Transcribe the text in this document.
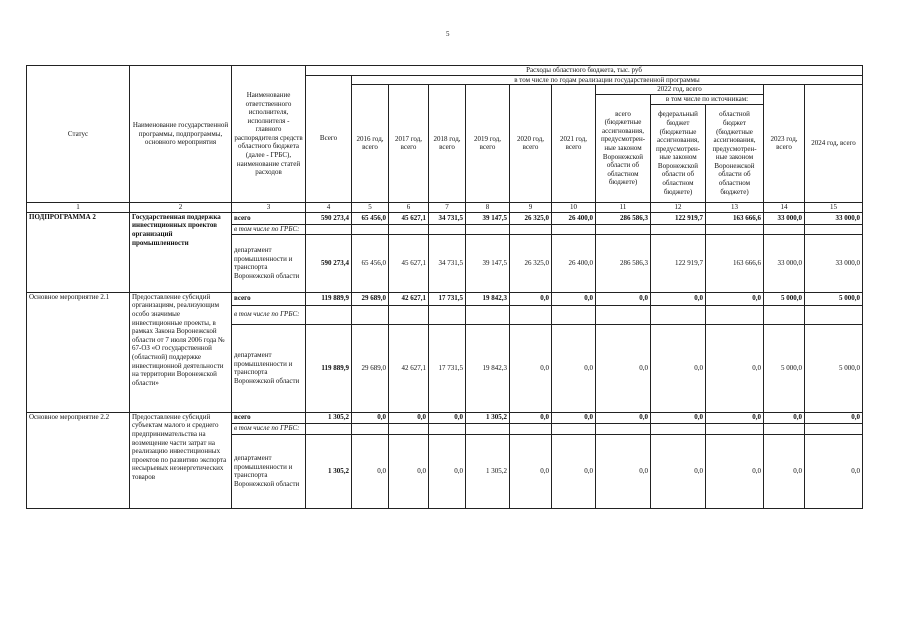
5
Статус	Наименование государственной программы, подпрограммы, основного мероприятия	Наименование ответственного исполнителя, исполнителя - главного распорядителя средств областного бюджета (далее - ГРБС), наименование статей расходов	Расходы областного бюджета, тыс. руб											
			Всего	в том числе по годам реализации государственной программы										
				2016 год, всего	2017 год, всего	2018 год, всего	2019 год, всего	2020 год, всего	2021 год, всего	2022 год, всего			2023 год, всего	2024 год, всего
										всего (бюджетные ассигнования, предусмотрен-ные законом Воронежской области об областном бюджете)	в том числе по источникам:			
											федеральный бюджет (бюджетные ассигнования, предусмотрен-ные законом Воронежской области об областном бюджете)	областной бюджет (бюджетные ассигнования, предусмотрен-ные законом Воронежской области об областном бюджете)		
1	2	3	4	5	6	7	8	9	10	11	12	13	14	15
ПОДПРОГРАММА 2	Государственная поддержка инвестиционных проектов организаций промышленности	всего	590 273,4	65 456,0	45 627,1	34 731,5	39 147,5	26 325,0	26 400,0	286 586,3	122 919,7	163 666,6	33 000,0	33 000,0
		в том числе по ГРБС:												
		департамент промышленности и транспорта Воронежской области	590 273,4	65 456,0	45 627,1	34 731,5	39 147,5	26 325,0	26 400,0	286 586,3	122 919,7	163 666,6	33 000,0	33 000,0
Основное мероприятие 2.1	Предоставление субсидий организациям, реализующим особо значимые инвестиционные проекты, в рамках Закона Воронежской области от 7 июля 2006 года № 67-ОЗ «О государственной (областной) поддержке инвестиционной деятельности на территории Воронежской области»	всего	119 889,9	29 689,0	42 627,1	17 731,5	19 842,3	0,0	0,0	0,0	0,0	0,0	5 000,0	5 000,0
		в том числе по ГРБС:												
		департамент промышленности и транспорта Воронежской области	119 889,9	29 689,0	42 627,1	17 731,5	19 842,3	0,0	0,0	0,0	0,0	0,0	5 000,0	5 000,0
Основное мероприятие 2.2	Предоставление субсидий субъектам малого и среднего предпринимательства на возмещение части затрат на реализацию инвестиционных проектов по развитию экспорта несырьевых неэнергетических товаров	всего	1 305,2	0,0	0,0	0,0	1 305,2	0,0	0,0	0,0	0,0	0,0	0,0	0,0
		в том числе по ГРБС:												
		департамент промышленности и транспорта Воронежской области	1 305,2	0,0	0,0	0,0	1 305,2	0,0	0,0	0,0	0,0	0,0	0,0	0,0
